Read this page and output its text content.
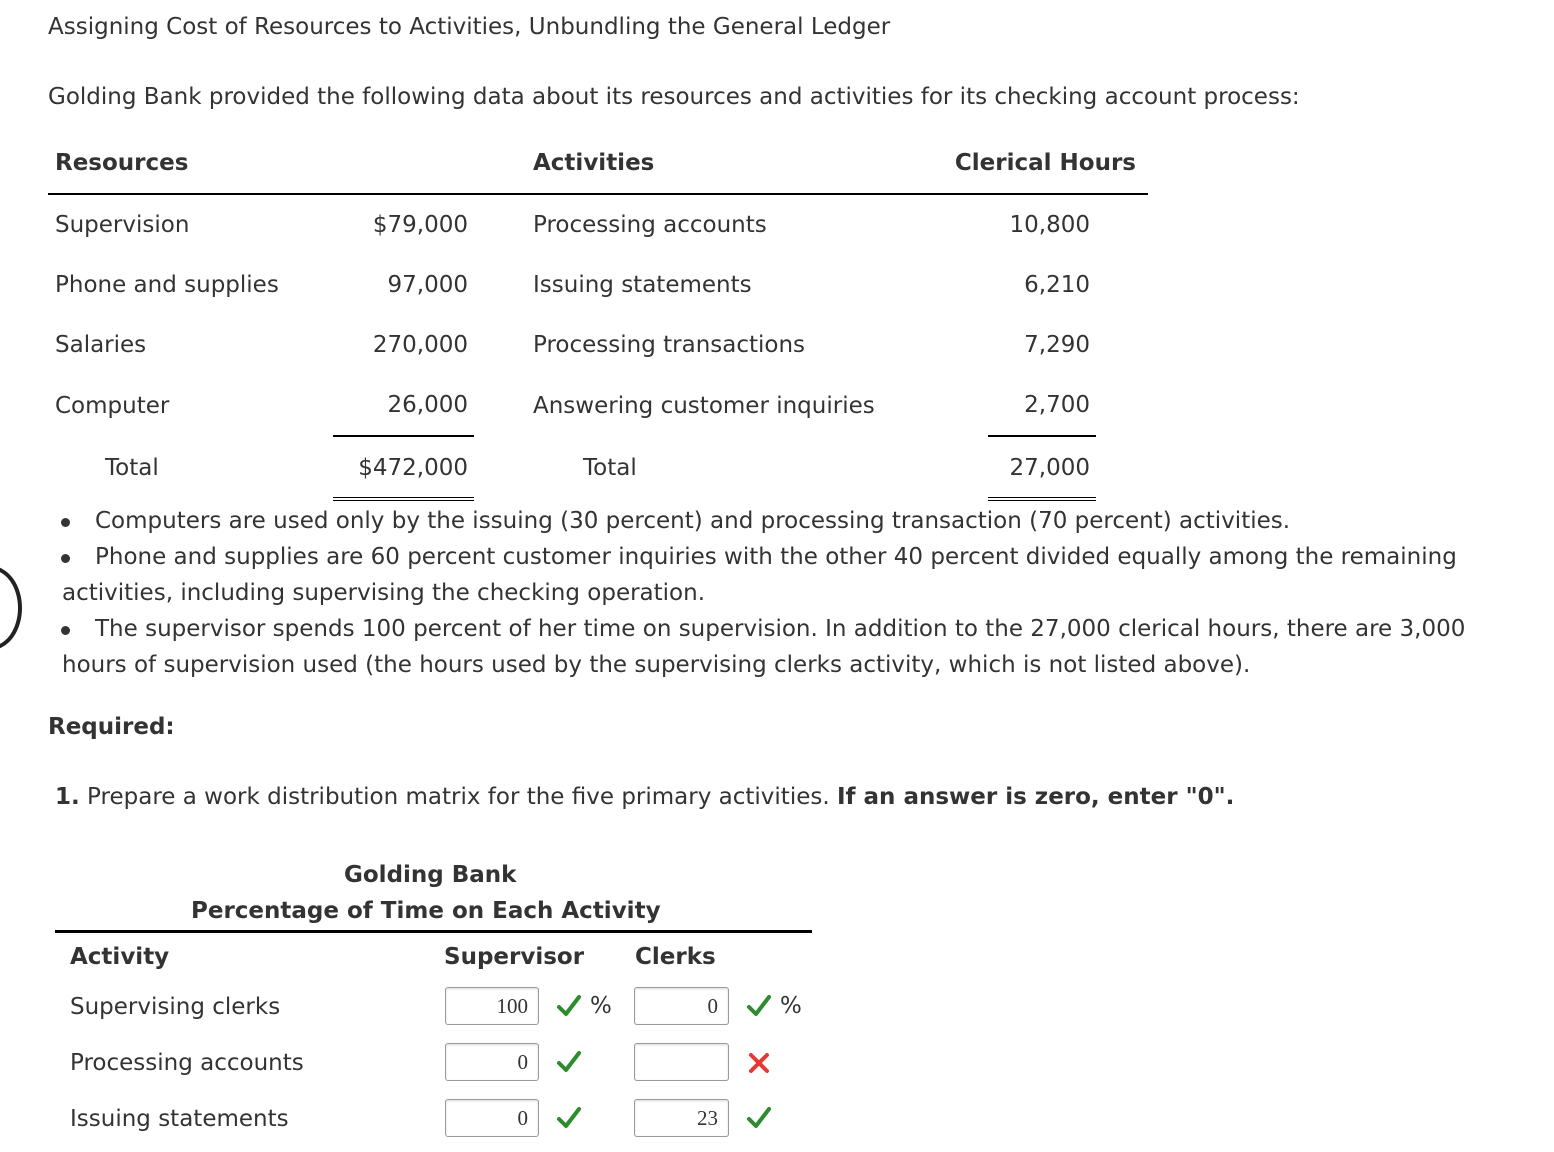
Assigning Cost of Resources to Activities, Unbundling the General Ledger
Golding Bank provided the following data about its resources and activities for its checking account process:
Resources	Activities	Clerical Hours
Supervision	$79,000	Processing accounts	10,800
Phone and supplies	97,000	Issuing statements	6,210
Salaries	270,000	Processing transactions	7,290
Computer	26,000	Answering customer inquiries	2,700
Total	$472,000	Total	27,000
Computers are used only by the issuing (30 percent) and processing transaction (70 percent) activities.
Phone and supplies are 60 percent customer inquiries with the other 40 percent divided equally among the remaining
activities, including supervising the checking operation.
The supervisor spends 100 percent of her time on supervision. In addition to the 27,000 clerical hours, there are 3,000
hours of supervision used (the hours used by the supervising clerks activity, which is not listed above).
Required:
1. Prepare a work distribution matrix for the five primary activities. If an answer is zero, enter "0".
Golding Bank
Percentage of Time on Each Activity
Activity	Supervisor Clerks
Supervising clerks	100	%	0	%
Processing accounts	0
Issuing statements	0	23
